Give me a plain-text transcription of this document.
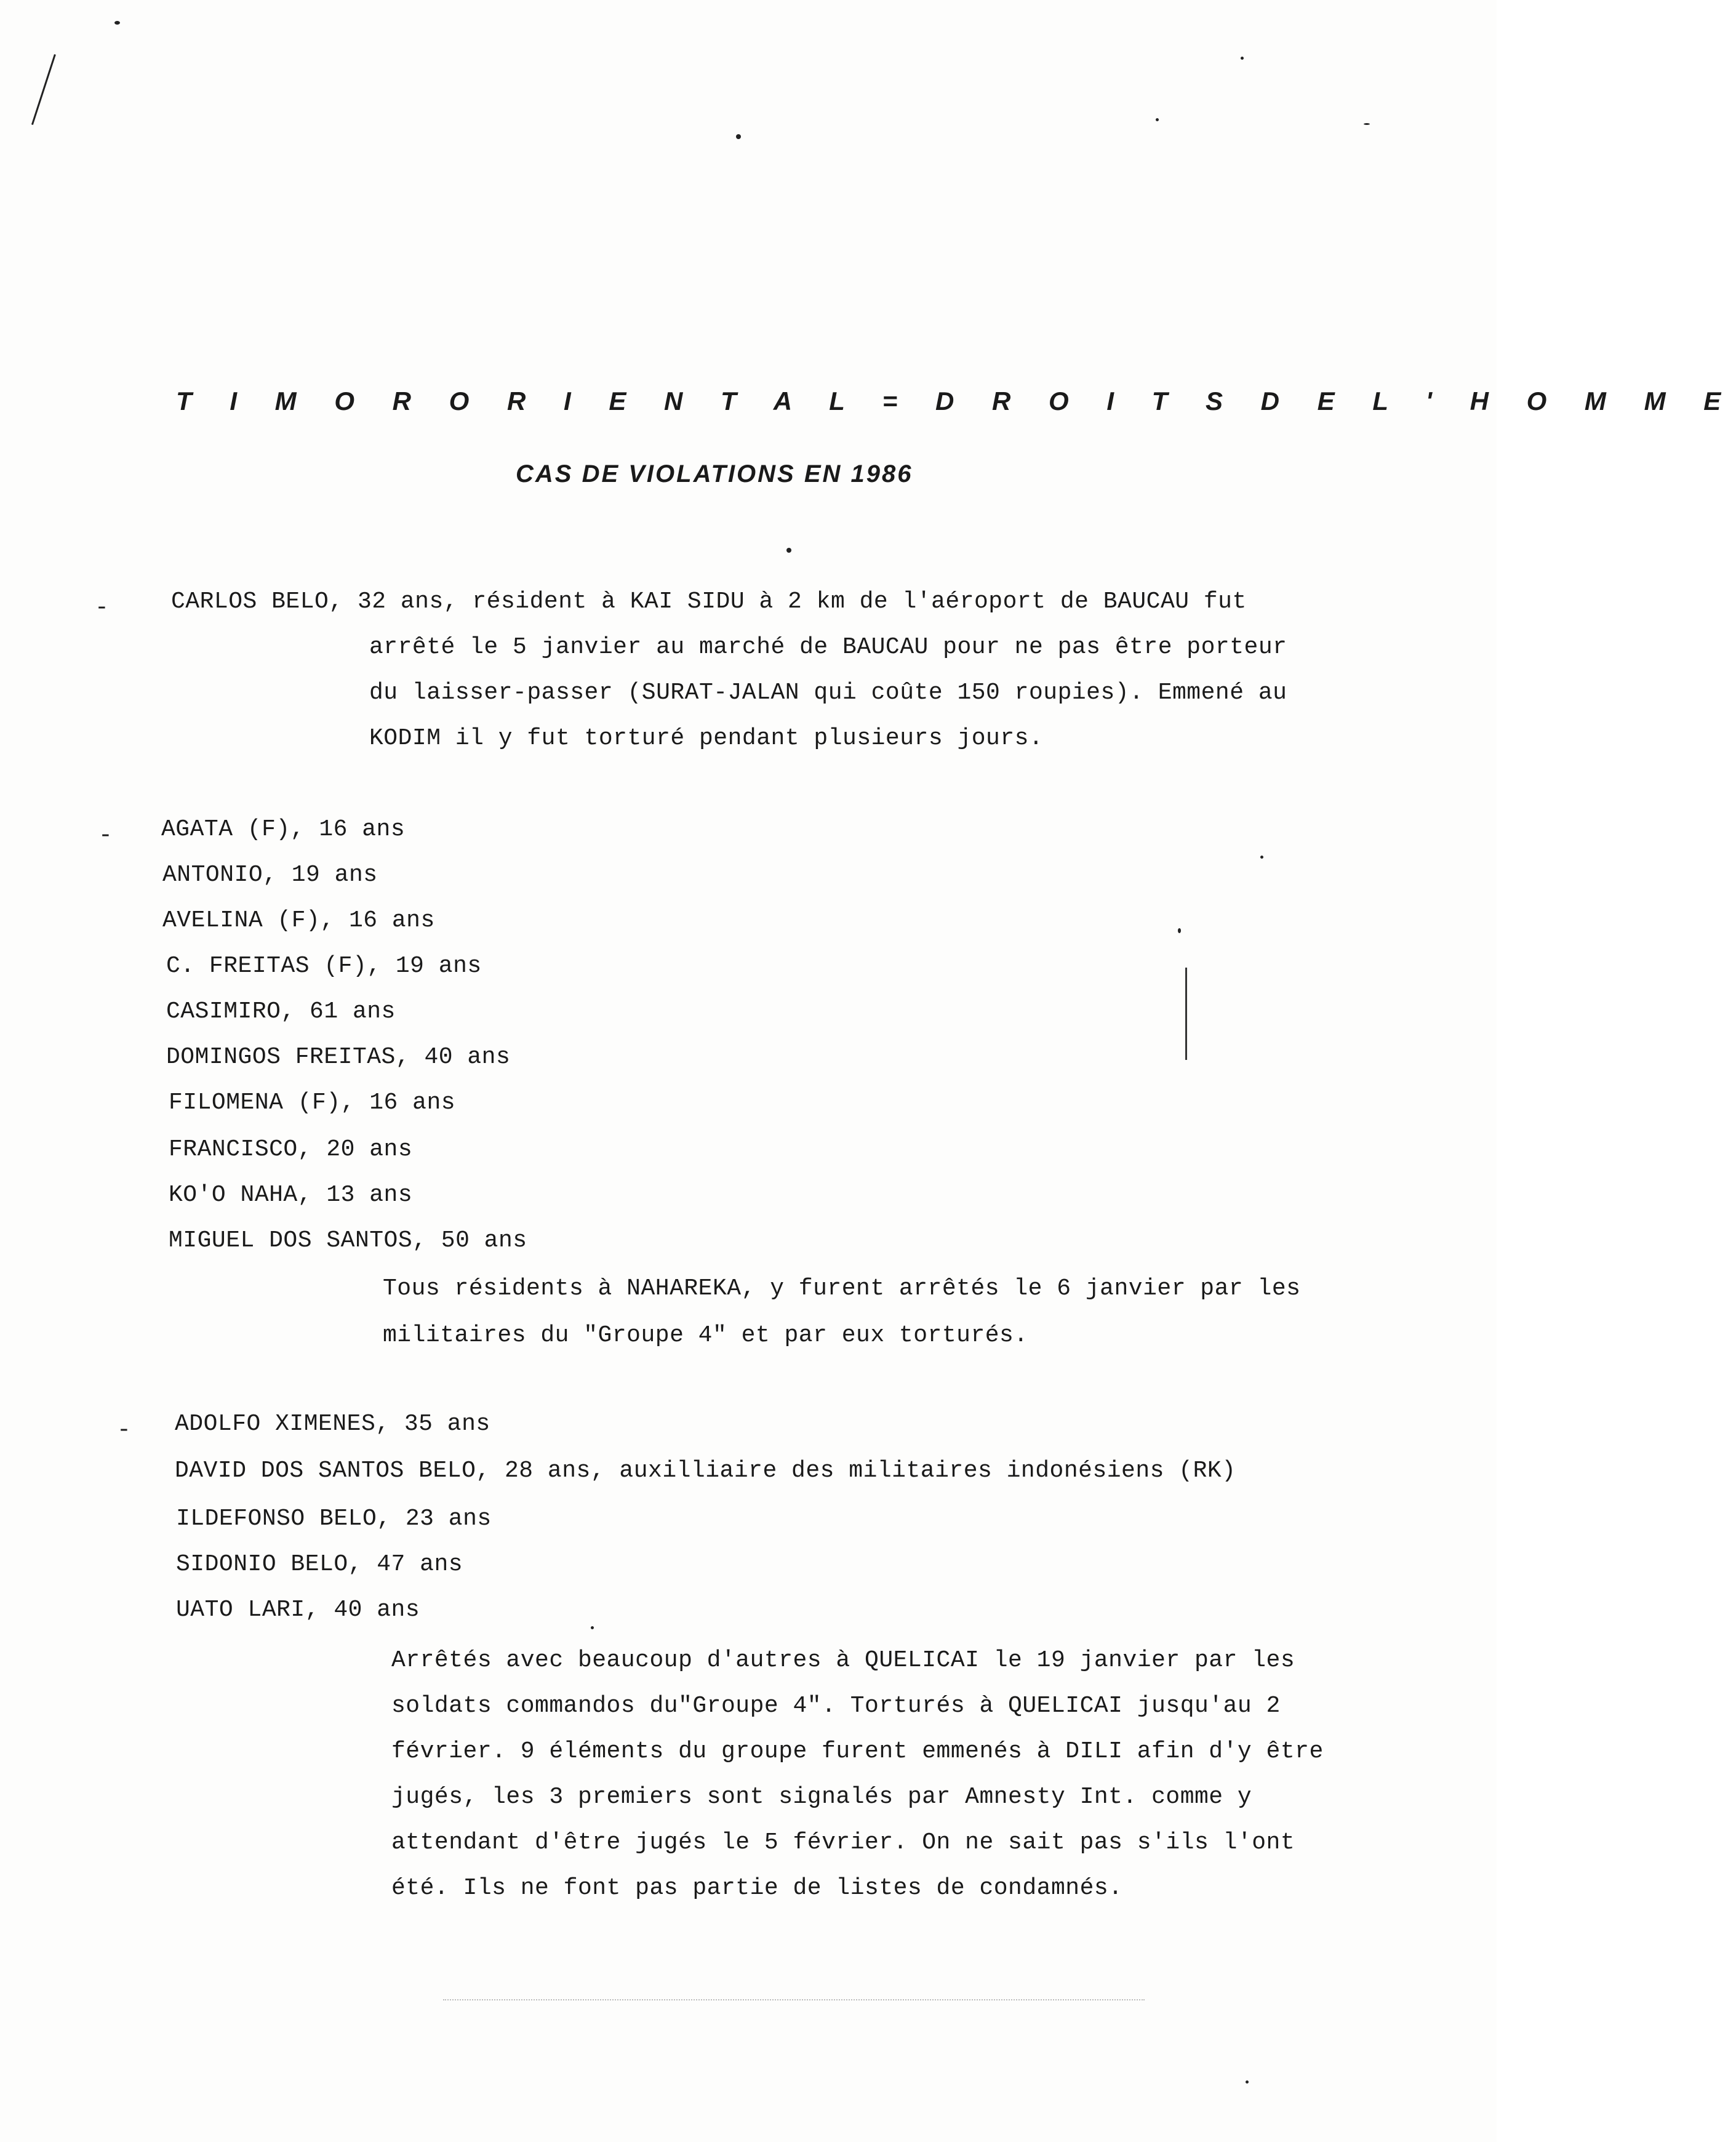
T I M O R O R I E N T A L = D R O I T S D E L ' H O M M E
CAS DE VIOLATIONS EN 1986
-	CARLOS BELO, 32 ans, résident à KAI SIDU à 2 km de l'aéroport de BAUCAU fut
arrêté le 5 janvier au marché de BAUCAU pour ne pas être porteur
du laisser-passer (SURAT-JALAN qui coûte 150 roupies). Emmené au
KODIM il y fut torturé pendant plusieurs jours.
- AGATA (F), 16 ans
ANTONIO, 19 ans
AVELINA (F), 16 ans
C. FREITAS (F), 19 ans
CASIMIRO, 61 ans
DOMINGOS FREITAS, 40 ans
FILOMENA (F), 16 ans
FRANCISCO, 20 ans
KO'O NAHA, 13 ans
MIGUEL DOS SANTOS, 50 ans
Tous résidents à NAHAREKA, y furent arrêtés le 6 janvier par les
militaires du "Groupe 4" et par eux torturés.
- ADOLFO XIMENES, 35 ans
DAVID DOS SANTOS BELO, 28 ans, auxilliaire des militaires indonésiens (RK)
ILDEFONSO BELO, 23 ans
SIDONIO BELO, 47 ans
UATO LARI, 40 ans
Arrêtés avec beaucoup d'autres à QUELICAI le 19 janvier par les
soldats commandos du"Groupe 4". Torturés à QUELICAI jusqu'au 2
février. 9 éléments du groupe furent emmenés à DILI afin d'y être
jugés, les 3 premiers sont signalés par Amnesty Int. comme y
attendant d'être jugés le 5 février. On ne sait pas s'ils l'ont
été. Ils ne font pas partie de listes de condamnés.
